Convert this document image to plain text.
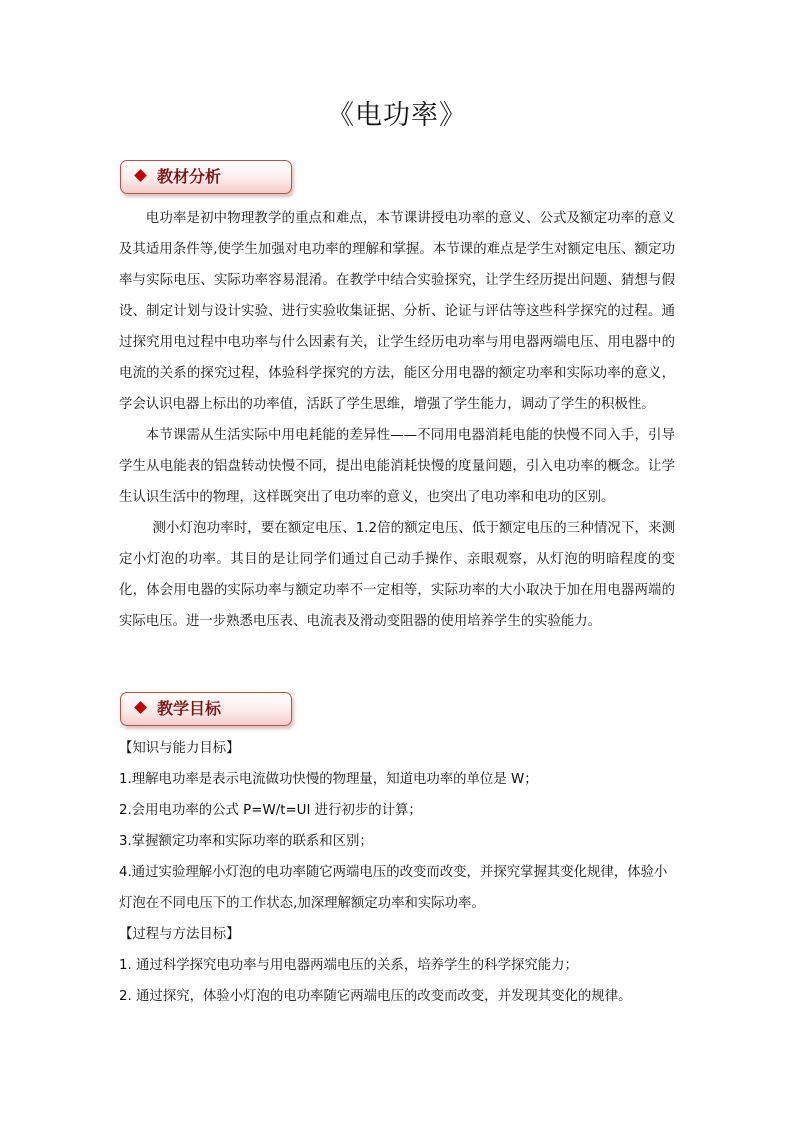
《电功率》
教材分析

电功率是初中物理教学的重点和难点，本节课讲授电功率的意义、公式及额定功率的意义及其适用条件等,使学生加强对电功率的理解和掌握。本节课的难点是学生对额定电压、额定功率与实际电压、实际功率容易混淆。在教学中结合实验探究，让学生经历提出问题、猜想与假设、制定计划与设计实验、进行实验收集证据、分析、论证与评估等这些科学探究的过程。通过探究用电过程中电功率与什么因素有关，让学生经历电功率与用电器两端电压、用电器中的电流的关系的探究过程，体验科学探究的方法，能区分用电器的额定功率和实际功率的意义，学会认识电器上标出的功率值，活跃了学生思维，增强了学生能力，调动了学生的积极性。

本节课需从生活实际中用电耗能的差异性——不同用电器消耗电能的快慢不同入手，引导学生从电能表的铝盘转动快慢不同，提出电能消耗快慢的度量问题，引入电功率的概念。让学生认识生活中的物理，这样既突出了电功率的意义，也突出了电功率和电功的区别。

测小灯泡功率时，要在额定电压、1.2倍的额定电压、低于额定电压的三种情况下，来测定小灯泡的功率。其目的是让同学们通过自己动手操作、亲眼观察，从灯泡的明暗程度的变化，体会用电器的实际功率与额定功率不一定相等，实际功率的大小取决于加在用电器两端的实际电压。进一步熟悉电压表、电流表及滑动变阻器的使用培养学生的实验能力。

教学目标

【知识与能力目标】

1.理解电功率是表示电流做功快慢的物理量，知道电功率的单位是 W；

2.会用电功率的公式 P=W/t=UI 进行初步的计算；

3.掌握额定功率和实际功率的联系和区别；

4.通过实验理解小灯泡的电功率随它两端电压的改变而改变，并探究掌握其变化规律，体验小灯泡在不同电压下的工作状态,加深理解额定功率和实际功率。

【过程与方法目标】

1. 通过科学探究电功率与用电器两端电压的关系，培养学生的科学探究能力；

2. 通过探究，体验小灯泡的电功率随它两端电压的改变而改变，并发现其变化的规律。
